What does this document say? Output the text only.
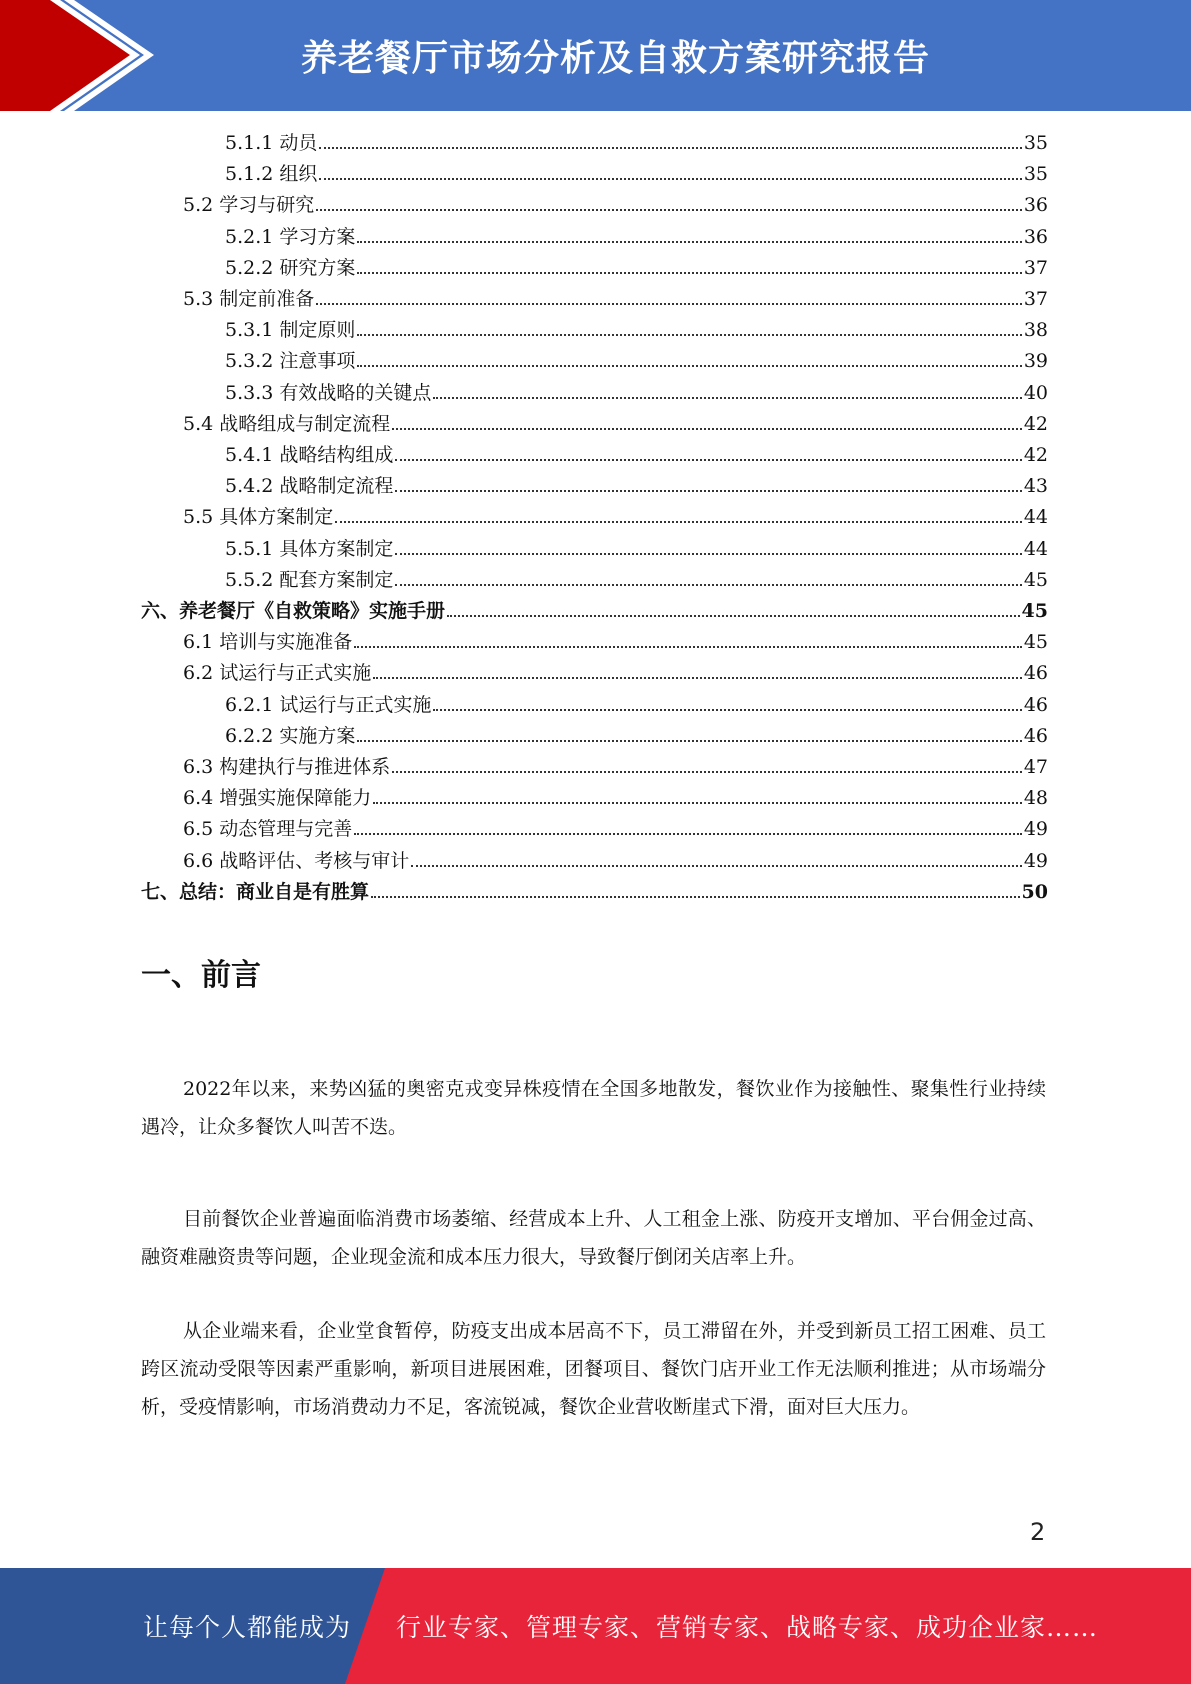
养老餐厅市场分析及自救方案研究报告
5.1.1 动员	35
5.1.2 组织	35
5.2 学习与研究	36
5.2.1 学习方案	36
5.2.2 研究方案	37
5.3 制定前准备	37
5.3.1 制定原则	38
5.3.2 注意事项	39
5.3.3 有效战略的关键点	40
5.4 战略组成与制定流程	42
5.4.1 战略结构组成	42
5.4.2 战略制定流程	43
5.5 具体方案制定	44
5.5.1 具体方案制定	44
5.5.2 配套方案制定	45
六、养老餐厅《自救策略》实施手册	45
6.1 培训与实施准备	45
6.2 试运行与正式实施	46
6.2.1 试运行与正式实施	46
6.2.2 实施方案	46
6.3 构建执行与推进体系	47
6.4 增强实施保障能力	48
6.5 动态管理与完善	49
6.6 战略评估、考核与审计	49
七、总结：商业自是有胜算	50
一、前言

2022年以来，来势凶猛的奥密克戎变异株疫情在全国多地散发，餐饮业作为接触性、聚集性行业持续遇冷，让众多餐饮人叫苦不迭。

目前餐饮企业普遍面临消费市场萎缩、经营成本上升、人工租金上涨、防疫开支增加、平台佣金过高、融资难融资贵等问题，企业现金流和成本压力很大，导致餐厅倒闭关店率上升。

从企业端来看，企业堂食暂停，防疫支出成本居高不下，员工滞留在外，并受到新员工招工困难、员工跨区流动受限等因素严重影响，新项目进展困难，团餐项目、餐饮门店开业工作无法顺利推进；从市场端分析，受疫情影响，市场消费动力不足，客流锐减，餐饮企业营收断崖式下滑，面对巨大压力。

2
让每个人都能成为 行业专家、管理专家、营销专家、战略专家、成功企业家……
